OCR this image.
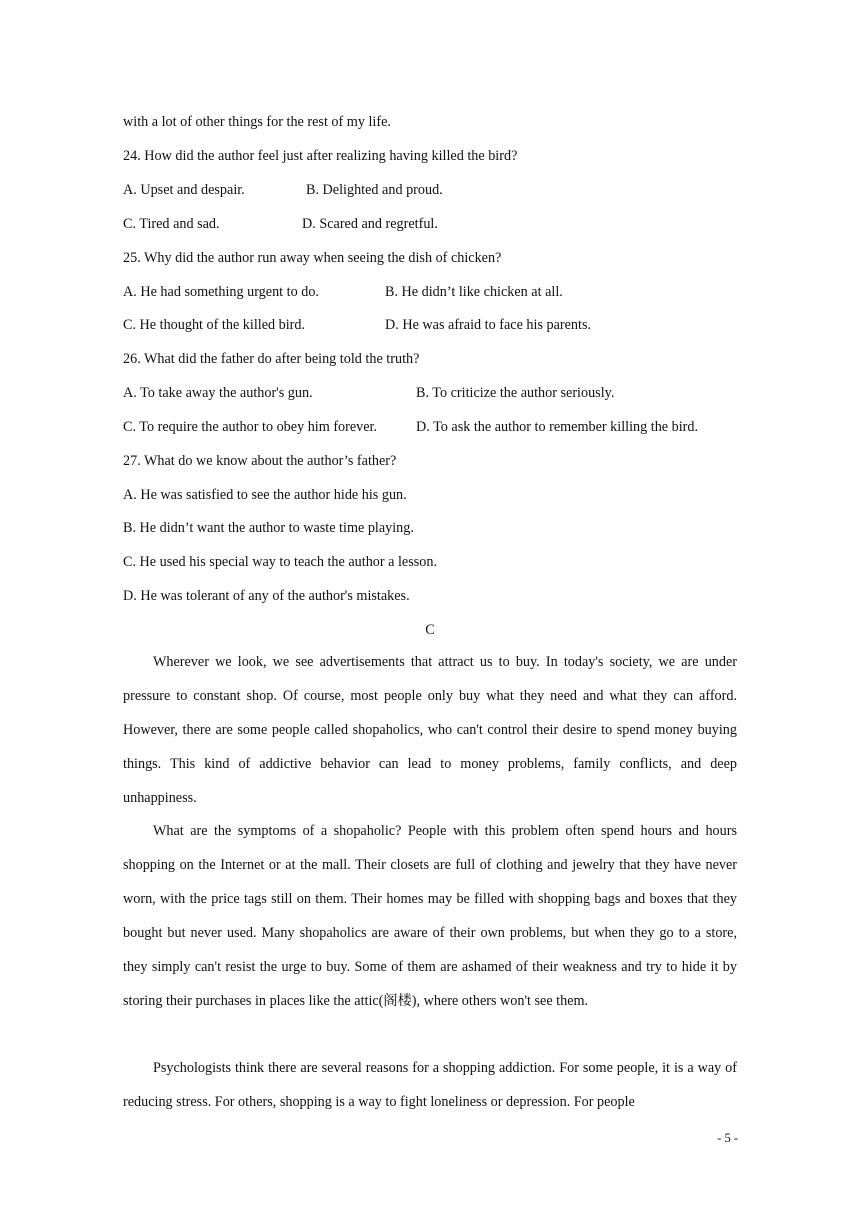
with a lot of other things for the rest of my life.
24. How did the author feel just after realizing having killed the bird?
A. Upset and despair.	B. Delighted and proud.
C. Tired and sad.	D. Scared and regretful.
25. Why did the author run away when seeing the dish of chicken?
A. He had something urgent to do.	B. He didn’t like chicken at all.
C. He thought of the killed bird.	D. He was afraid to face his parents.
26. What did the father do after being told the truth?
A. To take away the author's gun.	B. To criticize the author seriously.
C. To require the author to obey him forever.	D. To ask the author to remember killing the bird.
27. What do we know about the author’s father?
A. He was satisfied to see the author hide his gun.
B. He didn’t want the author to waste time playing.
C. He used his special way to teach the author a lesson.
D. He was tolerant of any of the author's mistakes.
C

Wherever we look, we see advertisements that attract us to buy. In today's society, we are under pressure to constant shop. Of course, most people only buy what they need and what they can afford. However, there are some people called shopaholics, who can't control their desire to spend money buying things. This kind of addictive behavior can lead to money problems, family conflicts, and deep unhappiness.

What are the symptoms of a shopaholic? People with this problem often spend hours and hours shopping on the Internet or at the mall. Their closets are full of clothing and jewelry that they have never worn, with the price tags still on them. Their homes may be filled with shopping bags and boxes that they bought but never used. Many shopaholics are aware of their own problems, but when they go to a store, they simply can't resist the urge to buy. Some of them are ashamed of their weakness and try to hide it by storing their purchases in places like the attic(阁楼), where others won't see them.

Psychologists think there are several reasons for a shopping addiction. For some people, it is a way of reducing stress. For others, shopping is a way to fight loneliness or depression. For people

- 5 -
